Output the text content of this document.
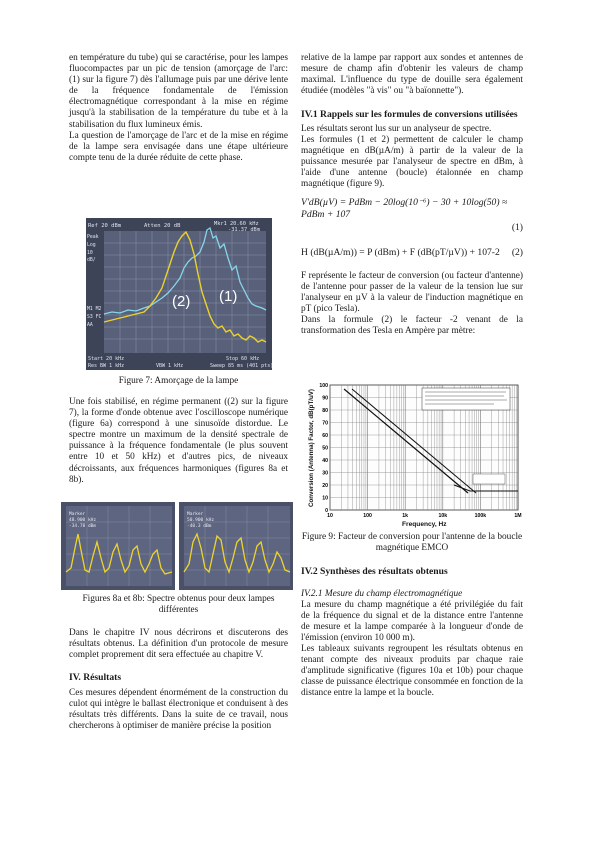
en température du tube) qui se caractérise, pour les lampes fluocompactes par un pic de tension (amorçage de l'arc: (1) sur la figure 7) dès l'allumage puis par une dérive lente de la fréquence fondamentale de l'émission électromagnétique correspondant à la mise en régime jusqu'à la stabilisation de la température du tube et à la stabilisation du flux lumineux émis.

La question de l'amorçage de l'arc et de la mise en régime de la lampe sera envisagée dans une étape ultérieure compte tenu de la durée réduite de cette phase.

Ref 20 dBm	Atten 20 dB	Mkr1 20.60 kHz
-31.37 dBm
Peak
Log
10
dB/
M1 M2
S3 FC
AA
(2) (1)
Start 20 kHz	Stop 60 kHz
Res BW 1 kHz	VBW 1 kHz	Sweep 85 ms (401 pts)

Figure 7: Amorçage de la lampe

Une fois stabilisé, en régime permanent ((2) sur la figure 7), la forme d'onde obtenue avec l'oscilloscope numérique (figure 6a) correspond à une sinusoïde distordue. Le spectre montre un maximum de la densité spectrale de puissance à la fréquence fondamentale (le plus souvent entre 10 et 50 kHz) et d'autres pics, de niveaux décroissants, aux fréquences harmoniques (figures 8a et 8b).

Marker
48.900 kHz
-34.78 dBm
Marker
50.900 kHz
-40.3 dBm

Figures 8a et 8b: Spectre obtenus pour deux lampes différentes

Dans le chapitre IV nous décrirons et discuterons des résultats obtenus. La définition d'un protocole de mesure complet proprement dit sera effectuée au chapitre V.

IV. Résultats

Ces mesures dépendent énormément de la construction du culot qui intègre le ballast électronique et conduisent à des résultats très différents. Dans la suite de ce travail, nous chercherons à optimiser de manière précise la position

relative de la lampe par rapport aux sondes et antennes de mesure de champ afin d'obtenir les valeurs de champ maximal. L'influence du type de douille sera également étudiée (modèles "à vis" ou "à baïonnette").

IV.1 Rappels sur les formules de conversions utilisées

Les résultats seront lus sur un analyseur de spectre.

Les formules (1 et 2) permettent de calculer le champ magnétique en dB(µA/m) à partir de la valeur de la puissance mesurée par l'analyseur de spectre en dBm, à l'aide d'une antenne (boucle) étalonnée en champ magnétique (figure 9).

V'dB(µV) = PdBm − 20log(10⁻⁶) − 30 + 10log(50) ≈ PdBm + 107
(1)
H (dB(µA/m)) = P (dBm) + F (dB(pT/µV)) + 107-2 (2)

F représente le facteur de conversion (ou facteur d'antenne) de l'antenne pour passer de la valeur de la tension lue sur l'analyseur en µV à la valeur de l'induction magnétique en pT (pico Tesla).

Dans la formule (2) le facteur -2 venant de la transformation des Tesla en Ampère par mètre:

100
90
80
70
60
50
40
30
20
10
0
10	100	1k	10k	100k	1M
Conversion (Antenna) Factor, dB(pT/uV)
Frequency, Hz

Figure 9: Facteur de conversion pour l'antenne de la boucle magnétique EMCO

IV.2 Synthèses des résultats obtenus

IV.2.1 Mesure du champ électromagnétique

La mesure du champ magnétique a été privilégiée du fait de la fréquence du signal et de la distance entre l'antenne de mesure et la lampe comparée à la longueur d'onde de l'émission (environ 10 000 m).

Les tableaux suivants regroupent les résultats obtenus en tenant compte des niveaux produits par chaque raie d'amplitude significative (figures 10a et 10b) pour chaque classe de puissance électrique consommée en fonction de la distance entre la lampe et la boucle.
